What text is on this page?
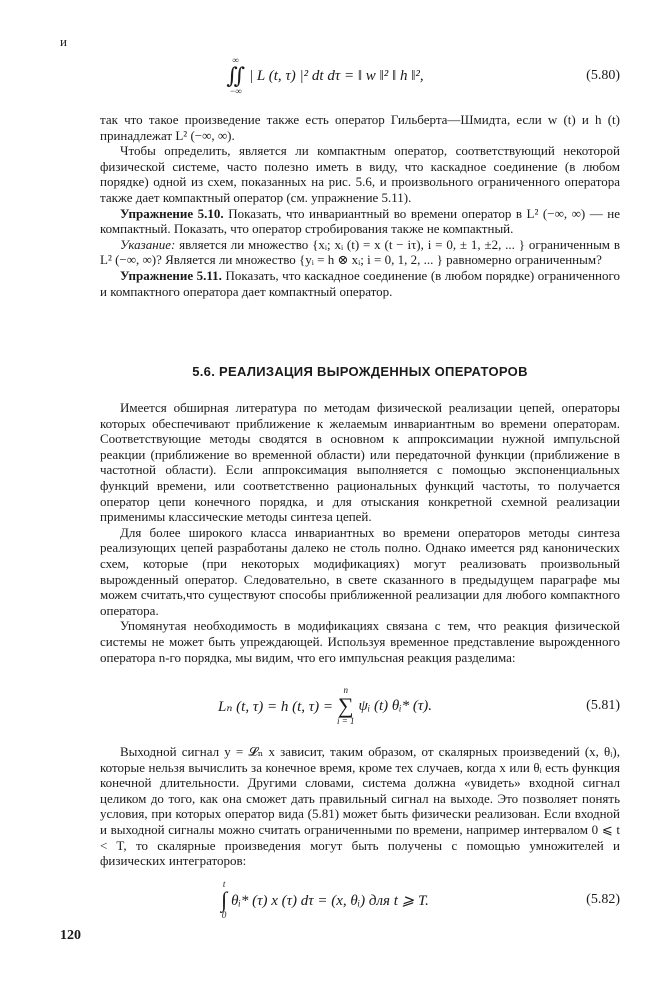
и
∞
∬
−∞
| L (t, τ) |² dt dτ = ‖ w ‖² ‖ h ‖²,	(5.80)

так что такое произведение также есть оператор Гильберта—Шмидта, если w (t) и h (t) принадлежат L² (−∞, ∞).

Чтобы определить, является ли компактным оператор, соответствующий некоторой физической системе, часто полезно иметь в виду, что каскадное соединение (в любом порядке) одной из схем, показанных на рис. 5.6, и произвольного ограниченного оператора также дает компактный оператор (см. упражнение 5.11).

Упражнение 5.10. Показать, что инвариантный во времени оператор в L² (−∞, ∞) — не компактный. Показать, что оператор стробирования также не компактный.

Указание: является ли множество {xᵢ; xᵢ (t) = x (t − iτ), i = 0, ± 1, ±2, ... } ограниченным в L² (−∞, ∞)? Является ли множество {yᵢ = h ⊗ xᵢ; i = 0, 1, 2, ... } равномерно ограниченным?

Упражнение 5.11. Показать, что каскадное соединение (в любом порядке) ограниченного и компактного оператора дает компактный оператор.

5.6. РЕАЛИЗАЦИЯ ВЫРОЖДЕННЫХ ОПЕРАТОРОВ

Имеется обширная литература по методам физической реализации цепей, операторы которых обеспечивают приближение к желаемым инвариантным во времени операторам. Соответствующие методы сводятся в основном к аппроксимации нужной импульсной реакции (приближение во временной области) или передаточной функции (приближение в частотной области). Если аппроксимация выполняется с помощью экспоненциальных функций времени, или соответственно рациональных функций частоты, то получается оператор цепи конечного порядка, и для отыскания конкретной схемной реализации применимы классические методы синтеза цепей.

Для более широкого класса инвариантных во времени операторов методы синтеза реализующих цепей разработаны далеко не столь полно. Однако имеется ряд канонических схем, которые (при некоторых модификациях) могут реализовать произвольный вырожденный оператор. Следовательно, в свете сказанного в предыдущем параграфе мы можем считать,что существуют способы приближенной реализации для любого компактного оператора.

Упомянутая необходимость в модификациях связана с тем, что реакция физической системы не может быть упреждающей. Используя временное представление вырожденного оператора n-го порядка, мы видим, что его импульсная реакция разделима:

Lₙ (t, τ) = h (t, τ) =
n
∑
i = 1
ψᵢ (t) θᵢ* (τ).	(5.81)

Выходной сигнал y = 𝓛ₙ x зависит, таким образом, от скалярных произведений (x, θᵢ), которые нельзя вычислить за конечное время, кроме тех случаев, когда x или θᵢ есть функция конечной длительности. Другими словами, система должна «увидеть» входной сигнал целиком до того, как она сможет дать правильный сигнал на выходе. Это позволяет понять условия, при которых оператор вида (5.81) может быть физически реализован. Если входной и выходной сигналы можно считать ограниченными по времени, например интервалом 0 ⩽ t < T, то скалярные произведения могут быть получены с помощью умножителей и физических интеграторов:

t
∫
0
θᵢ* (τ) x (τ) dτ = (x, θᵢ) для t ⩾ T.	(5.82)
120
